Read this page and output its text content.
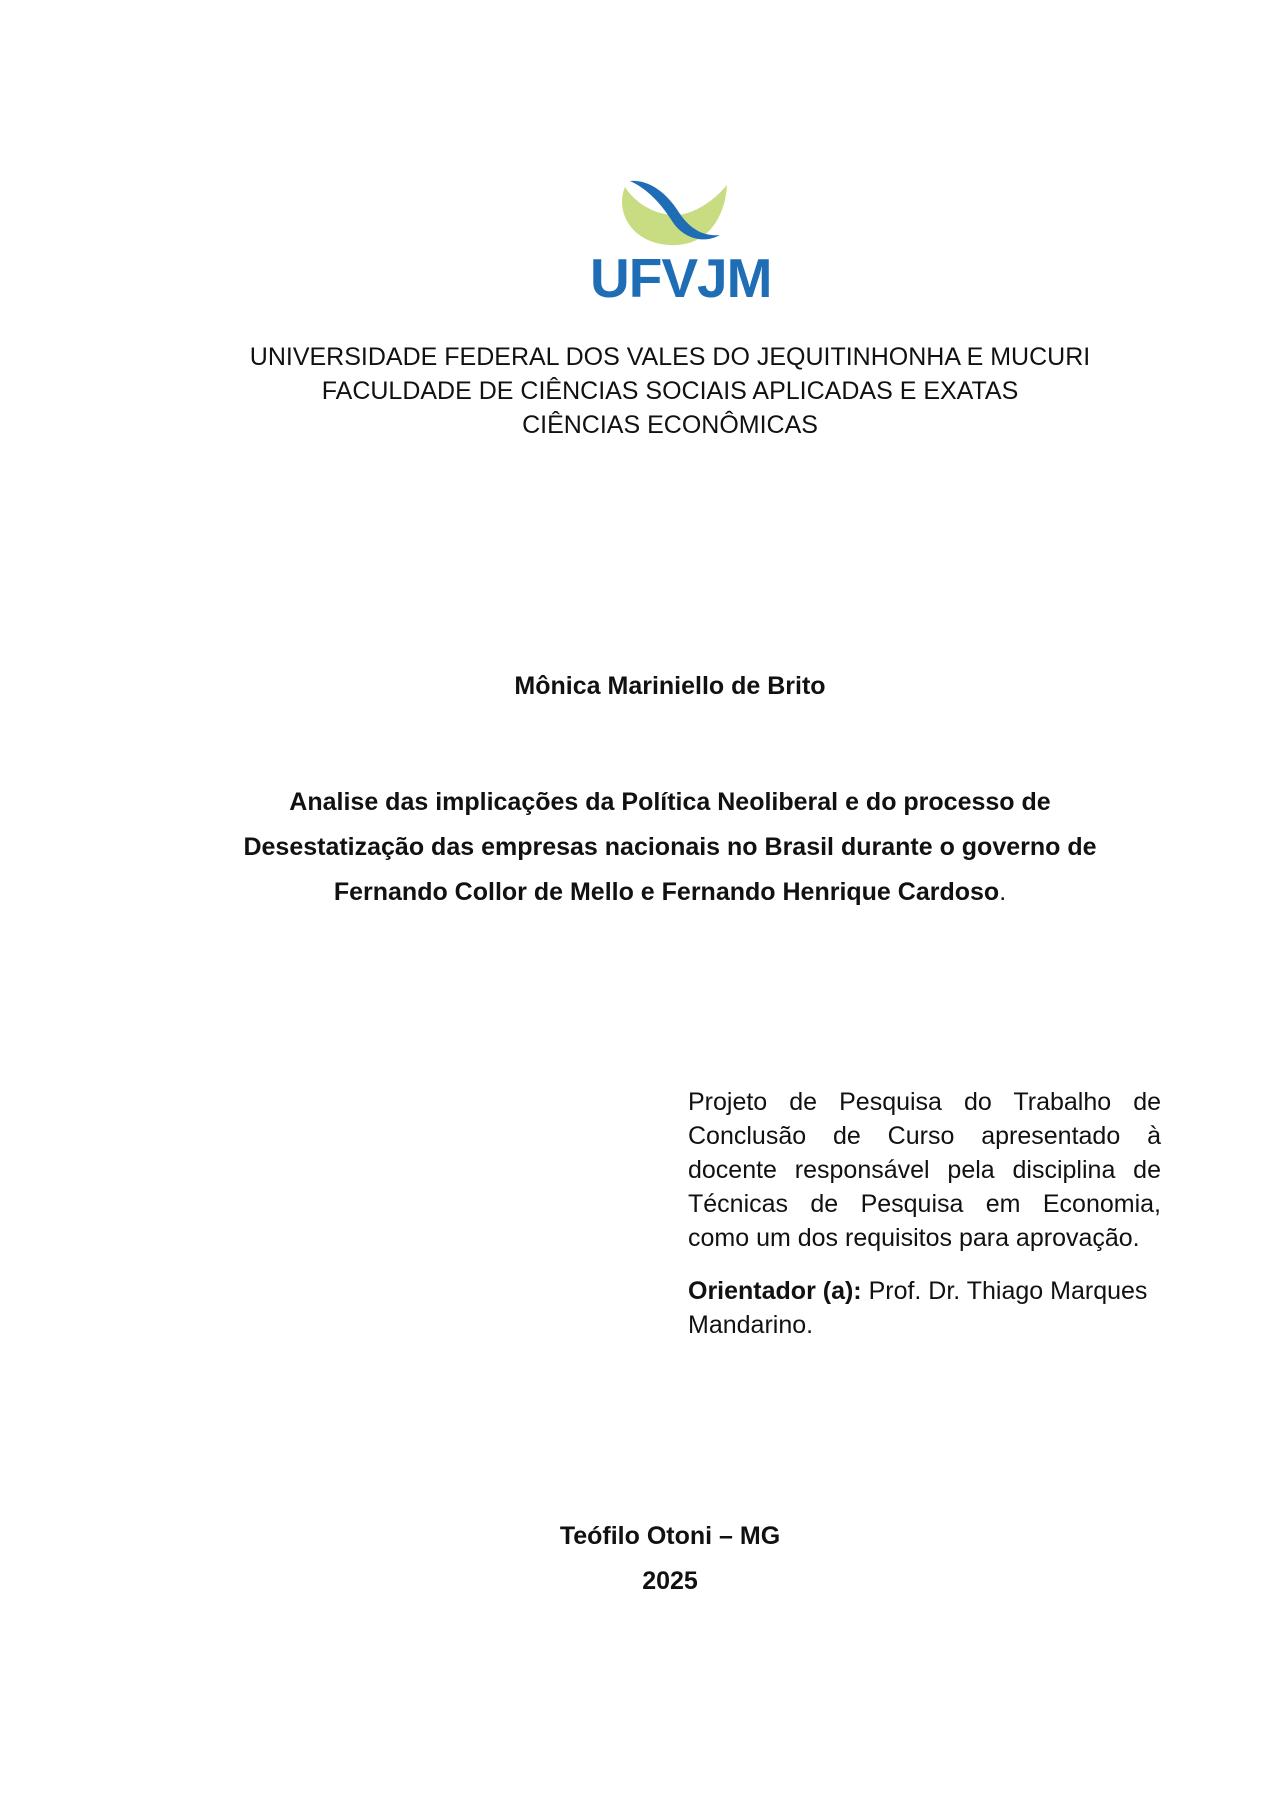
UFVJM
UNIVERSIDADE FEDERAL DOS VALES DO JEQUITINHONHA E MUCURI
FACULDADE DE CIÊNCIAS SOCIAIS APLICADAS E EXATAS
CIÊNCIAS ECONÔMICAS
Mônica Mariniello de Brito
Analise das implicações da Política Neoliberal e do processo de
Desestatização das empresas nacionais no Brasil durante o governo de
Fernando Collor de Mello e Fernando Henrique Cardoso.

Projeto de Pesquisa do Trabalho de Conclusão de Curso apresentado à docente responsável pela disciplina de Técnicas de Pesquisa em Economia, como um dos requisitos para aprovação.

Orientador (a): Prof. Dr. Thiago Marques Mandarino.
Teófilo Otoni – MG
2025
